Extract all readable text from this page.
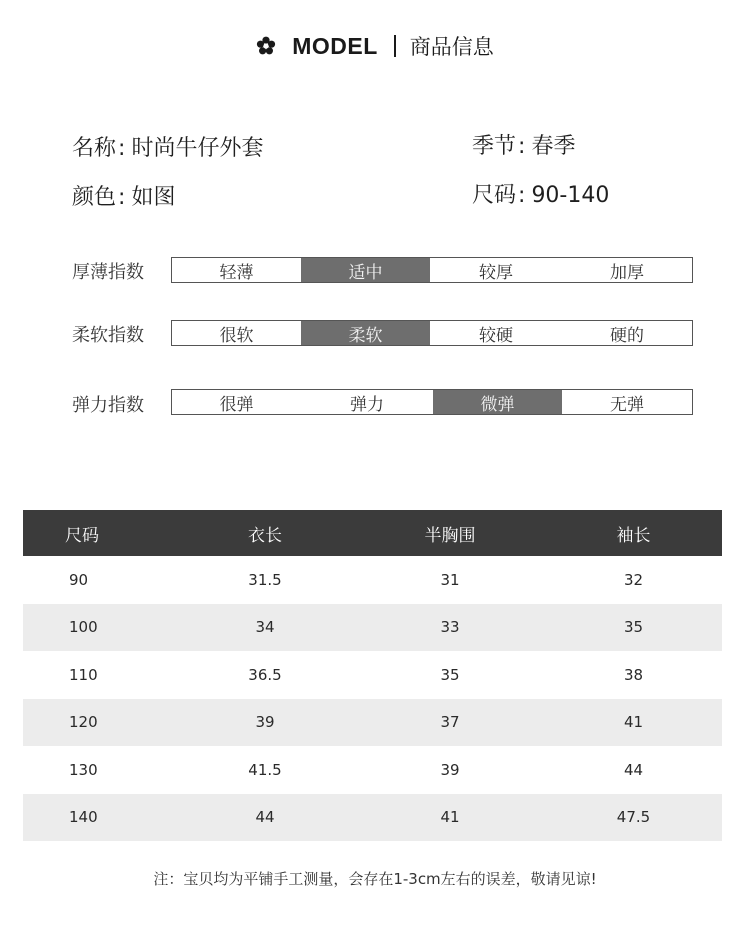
MODEL 商品信息
名称: 时尚牛仔外套	季节: 春季
颜色: 如图	尺码: 90-140
厚薄指数	轻薄	适中	较厚	加厚
柔软指数	很软	柔软	较硬	硬的
弹力指数	很弹	弹力	微弹	无弹
尺码	衣长	半胸围	袖长
90	31.5	31	32
100	34	33	35
110	36.5	35	38
120	39	37	41
130	41.5	39	44
140	44	41	47.5
注：宝贝均为平铺手工测量，会存在1-3cm左右的误差，敬请见谅!
